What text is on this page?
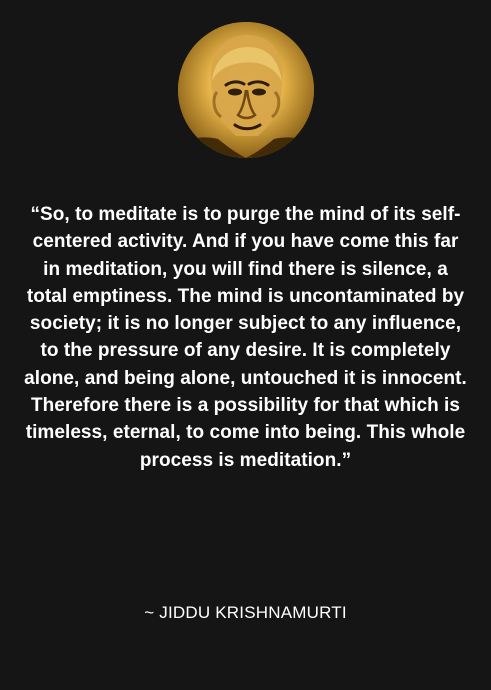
“So, to meditate is to purge the mind of its self-centered activity. And if you have come this far in meditation, you will find there is silence, a total emptiness. The mind is uncontaminated by society; it is no longer subject to any influence, to the pressure of any desire. It is completely alone, and being alone, untouched it is innocent. Therefore there is a possibility for that which is timeless, eternal, to come into being. This whole process is meditation.”

~ JIDDU KRISHNAMURTI
